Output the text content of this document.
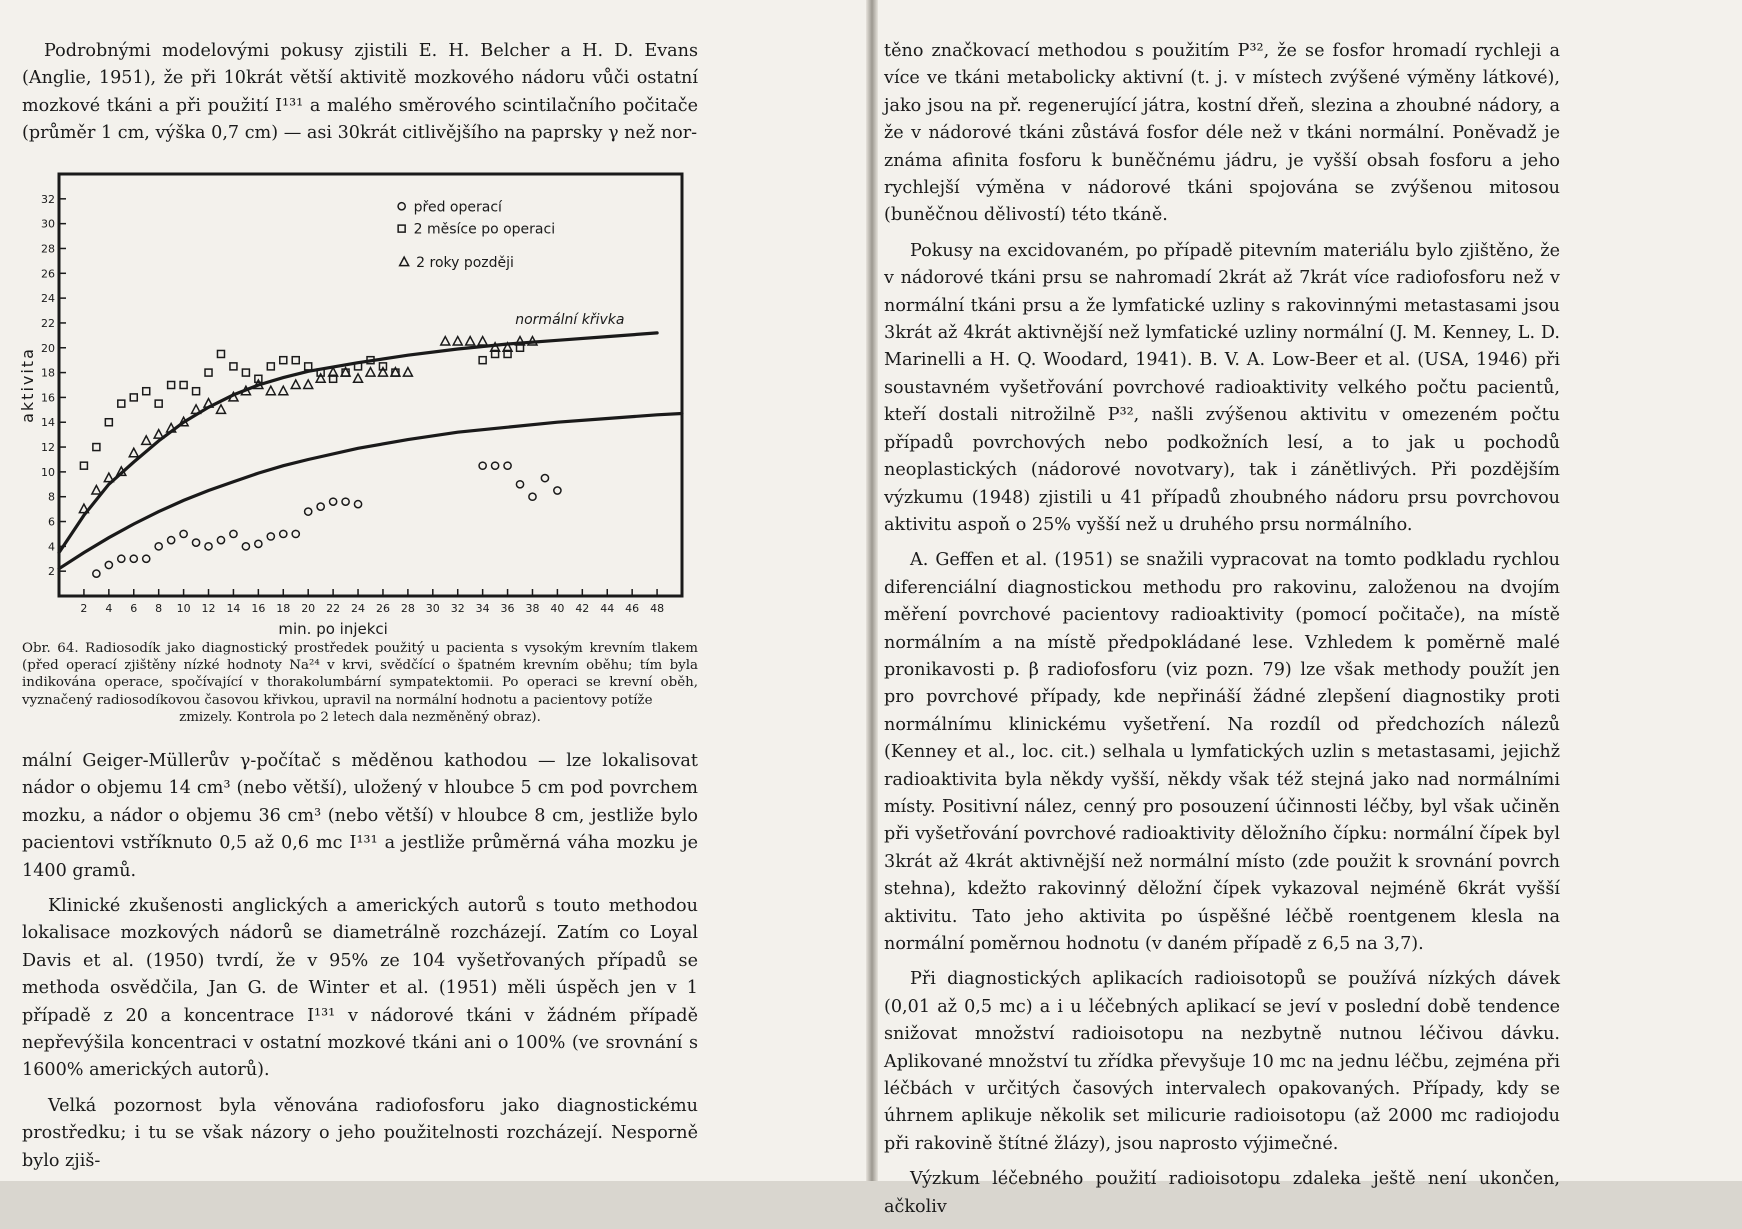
Podrobnými modelovými pokusy zjistili E. H. Belcher a H. D. Evans (Anglie, 1951), že při 10krát větší aktivitě mozkového nádoru vůči ostatní mozkové tkáni a při použití I¹³¹ a malého směrového scintilačního počitače (průměr 1 cm, výška 0,7 cm) — asi 30krát citlivějšího na paprsky γ než nor-

2 4 6 8 10 12 14 16 18 20 22 24 26 28 30 32 34 36 38 40 42 44 46 48
2
4
6
8
10
12
14
16
18
20
22
24
26
28
30
32	před operací
2 měsíce po operaci
2 roky později
aktivita
min. po injekci
normální křivka
Obr. 64. Radiosodík jako diagnostický prostředek použitý u pacienta s vysokým krevním tlakem (před operací zjištěny nízké hodnoty Na²⁴ v krvi, svědčící o špatném krevním oběhu; tím byla indikována operace, spočívající v thorakolumbární sympatektomii. Po operaci se krevní oběh, vyznačený radiosodíkovou časovou křivkou, upravil na normální hodnotu a pacientovy potíže
zmizely. Kontrola po 2 letech dala nezměněný obraz).

mální Geiger-Müllerův γ-počítač s měděnou kathodou — lze lokalisovat nádor o objemu 14 cm³ (nebo větší), uložený v hloubce 5 cm pod povrchem mozku, a nádor o objemu 36 cm³ (nebo větší) v hloubce 8 cm, jestliže bylo pacientovi vstříknuto 0,5 až 0,6 mc I¹³¹ a jestliže průměrná váha mozku je 1400 gramů.

Klinické zkušenosti anglických a amerických autorů s touto methodou lokalisace mozkových nádorů se diametrálně rozcházejí. Zatím co Loyal Davis et al. (1950) tvrdí, že v 95% ze 104 vyšetřovaných případů se methoda osvědčila, Jan G. de Winter et al. (1951) měli úspěch jen v 1 případě z 20 a koncentrace I¹³¹ v nádorové tkáni v žádném případě nepřevýšila koncentraci v ostatní mozkové tkáni ani o 100% (ve srovnání s 1600% amerických autorů).

Velká pozornost byla věnována radiofosforu jako diagnostickému prostředku; i tu se však názory o jeho použitelnosti rozcházejí. Nesporně bylo zjiš-

těno značkovací methodou s použitím P³², že se fosfor hromadí rychleji a více ve tkáni metabolicky aktivní (t. j. v místech zvýšené výměny látkové), jako jsou na př. regenerující játra, kostní dřeň, slezina a zhoubné nádory, a že v nádorové tkáni zůstává fosfor déle než v tkáni normální. Poněvadž je známa afinita fosforu k buněčnému jádru, je vyšší obsah fosforu a jeho rychlejší výměna v nádorové tkáni spojována se zvýšenou mitosou (buněčnou dělivostí) této tkáně.

Pokusy na excidovaném, po případě pitevním materiálu bylo zjištěno, že v nádorové tkáni prsu se nahromadí 2krát až 7krát více radiofosforu než v normální tkáni prsu a že lymfatické uzliny s rakovinnými metastasami jsou 3krát až 4krát aktivnější než lymfatické uzliny normální (J. M. Kenney, L. D. Marinelli a H. Q. Woodard, 1941). B. V. A. Low-Beer et al. (USA, 1946) při soustavném vyšetřování povrchové radioaktivity velkého počtu pacientů, kteří dostali nitrožilně P³², našli zvýšenou aktivitu v omezeném počtu případů povrchových nebo podkožních lesí, a to jak u pochodů neoplastických (nádorové novotvary), tak i zánětlivých. Při pozdějším výzkumu (1948) zjistili u 41 případů zhoubného nádoru prsu povrchovou aktivitu aspoň o 25% vyšší než u druhého prsu normálního.

A. Geffen et al. (1951) se snažili vypracovat na tomto podkladu rychlou diferenciální diagnostickou methodu pro rakovinu, založenou na dvojím měření povrchové pacientovy radioaktivity (pomocí počitače), na místě normálním a na místě předpokládané lese. Vzhledem k poměrně malé pronikavosti p. β radiofosforu (viz pozn. 79) lze však methody použít jen pro povrchové případy, kde nepřináší žádné zlepšení diagnostiky proti normálnímu klinickému vyšetření. Na rozdíl od předchozích nálezů (Kenney et al., loc. cit.) selhala u lymfatických uzlin s metastasami, jejichž radioaktivita byla někdy vyšší, někdy však též stejná jako nad normálními místy. Positivní nález, cenný pro posouzení účinnosti léčby, byl však učiněn při vyšetřování povrchové radioaktivity děložního čípku: normální čípek byl 3krát až 4krát aktivnější než normální místo (zde použit k srovnání povrch stehna), kdežto rakovinný děložní čípek vykazoval nejméně 6krát vyšší aktivitu. Tato jeho aktivita po úspěšné léčbě roentgenem klesla na normální poměrnou hodnotu (v daném případě z 6,5 na 3,7).

Při diagnostických aplikacích radioisotopů se používá nízkých dávek (0,01 až 0,5 mc) a i u léčebných aplikací se jeví v poslední době tendence snižovat množství radioisotopu na nezbytně nutnou léčivou dávku. Aplikované množství tu zřídka převyšuje 10 mc na jednu léčbu, zejména při léčbách v určitých časových intervalech opakovaných. Případy, kdy se úhrnem aplikuje několik set milicurie radioisotopu (až 2000 mc radiojodu při rakovině štítné žlázy), jsou naprosto výjimečné.

Výzkum léčebného použití radioisotopu zdaleka ještě není ukončen, ačkoliv
